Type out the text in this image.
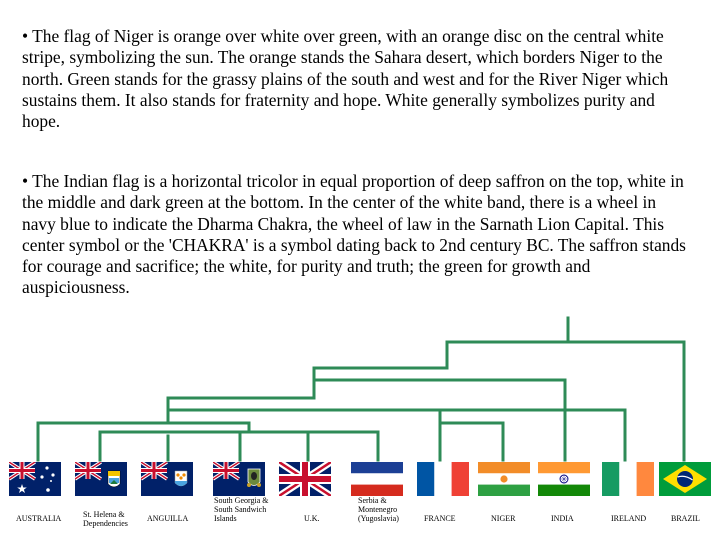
• The flag of Niger is orange over white over green, with an orange disc on the central white stripe, symbolizing the sun. The orange stands the Sahara desert, which borders Niger to the north. Green stands for the grassy plains of the south and west and for the River Niger which sustains them. It also stands for fraternity and hope. White generally symbolizes purity and hope.

• The Indian flag is a horizontal tricolor in equal proportion of deep saffron on the top, white in the middle and dark green at the bottom. In the center of the white band, there is a wheel in navy blue to indicate the Dharma Chakra, the wheel of law in the Sarnath Lion Capital. This center symbol or the 'CHAKRA' is a symbol dating back to 2nd century BC. The saffron stands for courage and sacrifice; the white, for purity and truth; the green for growth and auspiciousness.

AUSTRALIA	St. Helena &
Dependencies
ANGUILLA
South Georgia &
South Sandwich
Islands	U.K.
Serbia &
Montenegro
(Yugoslavia)	FRANCE	NIGER	INDIA	IRELAND	BRAZIL
